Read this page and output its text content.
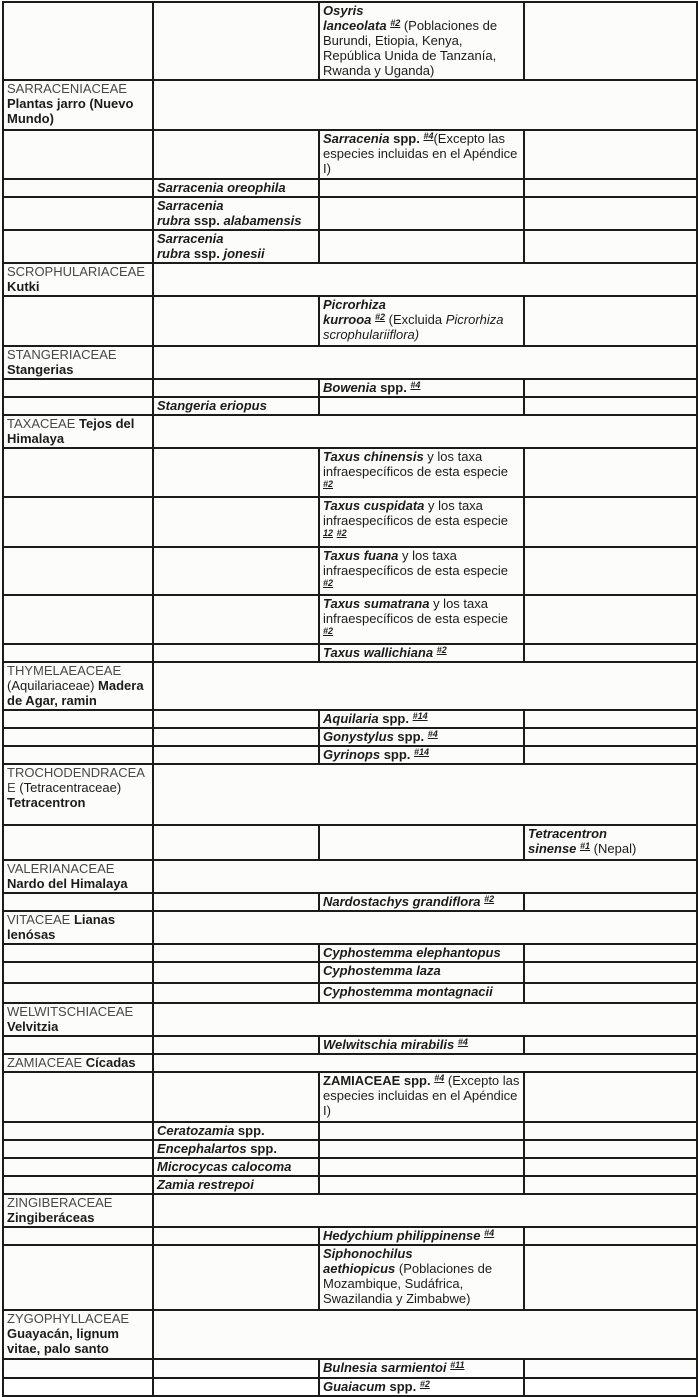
		Osyris
lanceolata $^{\#2}$ (Poblaciones de Burundi, Etiopia, Kenya, República Unida de Tanzanía, Rwanda y Uganda)	
SARRACENIACEAE Plantas jarro (Nuevo Mundo)			
		Sarracenia spp. $^{\#4}$(Excepto las especies incluidas en el Apéndice I)	
	Sarracenia oreophila		
	Sarracenia
rubra ssp. alabamensis		
	Sarracenia
rubra ssp. jonesii		
SCROPHULARIACEAE Kutki			
		Picrorhiza
kurrooa $^{\#2}$ (Excluida Picrorhiza scrophulariiflora)	
STANGERIACEAE Stangerias			
		Bowenia spp. $^{\#4}$	
	Stangeria eriopus		
TAXACEAE Tejos del Himalaya			
		Taxus chinensis y los taxa infraespecíficos de esta especie $^{\#2}$	
		Taxus cuspidata y los taxa infraespecíficos de esta especie $^{12}$ $^{\#2}$	
		Taxus fuana y los taxa infraespecíficos de esta especie $^{\#2}$	
		Taxus sumatrana y los taxa infraespecíficos de esta especie $^{\#2}$	
		Taxus wallichiana $^{\#2}$	
THYMELAEACEAE (Aquilariaceae) Madera de Agar, ramin			
		Aquilaria spp. $^{\#14}$	
		Gonystylus spp. $^{\#4}$	
		Gyrinops spp. $^{\#14}$	
TROCHODENDRACEAE (Tetracentraceae) Tetracentron			
			Tetracentron
sinense $^{\#1}$ (Nepal)
VALERIANACEAE Nardo del Himalaya			
		Nardostachys grandiflora $^{\#2}$	
VITACEAE Lianas lenósas			
		Cyphostemma elephantopus	
		Cyphostemma laza	
		Cyphostemma montagnacii	
WELWITSCHIACEAE Velvitzia			
		Welwitschia mirabilis $^{\#4}$	
ZAMIACEAE Cícadas			
		ZAMIACEAE spp. $^{\#4}$ (Excepto las especies incluidas en el Apéndice I)	
	Ceratozamia spp.		
	Encephalartos spp.		
	Microcycas calocoma		
	Zamia restrepoi		
ZINGIBERACEAE Zingiberáceas			
		Hedychium philippinense $^{\#4}$	
		Siphonochilus
aethiopicus (Poblaciones de Mozambique, Sudáfrica, Swazilandia y Zimbabwe)	
ZYGOPHYLLACEAE Guayacán, lignum vitae, palo santo			
		Bulnesia sarmientoi $^{\#11}$	
		Guaiacum spp. $^{\#2}$	
